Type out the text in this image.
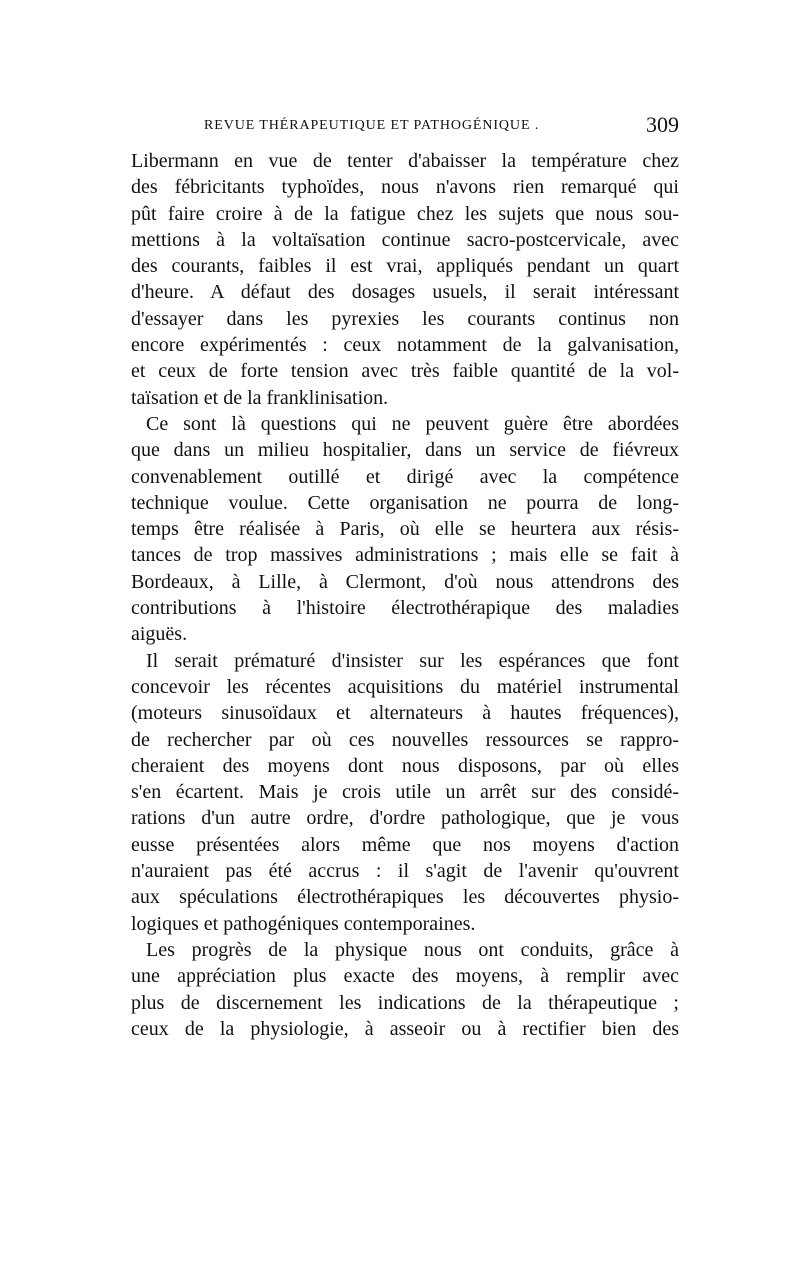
REVUE THÉRAPEUTIQUE ET PATHOGÉNIQUE .	309
Libermann en vue de tenter d'abaisser la température chez
des fébricitants typhoïdes, nous n'avons rien remarqué qui
pût faire croire à de la fatigue chez les sujets que nous sou-
mettions à la voltaïsation continue sacro-postcervicale, avec
des courants, faibles il est vrai, appliqués pendant un quart
d'heure. A défaut des dosages usuels, il serait intéressant
d'essayer dans les pyrexies les courants continus non
encore expérimentés : ceux notamment de la galvanisation,
et ceux de forte tension avec très faible quantité de la vol-
taïsation et de la franklinisation.
Ce sont là questions qui ne peuvent guère être abordées
que dans un milieu hospitalier, dans un service de fiévreux
convenablement outillé et dirigé avec la compétence
technique voulue. Cette organisation ne pourra de long-
temps être réalisée à Paris, où elle se heurtera aux résis-
tances de trop massives administrations ; mais elle se fait à
Bordeaux, à Lille, à Clermont, d'où nous attendrons des
contributions à l'histoire électrothérapique des maladies
aiguës.
Il serait prématuré d'insister sur les espérances que font
concevoir les récentes acquisitions du matériel instrumental
(moteurs sinusoïdaux et alternateurs à hautes fréquences),
de rechercher par où ces nouvelles ressources se rappro-
cheraient des moyens dont nous disposons, par où elles
s'en écartent. Mais je crois utile un arrêt sur des considé-
rations d'un autre ordre, d'ordre pathologique, que je vous
eusse présentées alors même que nos moyens d'action
n'auraient pas été accrus : il s'agit de l'avenir qu'ouvrent
aux spéculations électrothérapiques les découvertes physio-
logiques et pathogéniques contemporaines.
Les progrès de la physique nous ont conduits, grâce à
une appréciation plus exacte des moyens, à remplir avec
plus de discernement les indications de la thérapeutique ;
ceux de la physiologie, à asseoir ou à rectifier bien des
